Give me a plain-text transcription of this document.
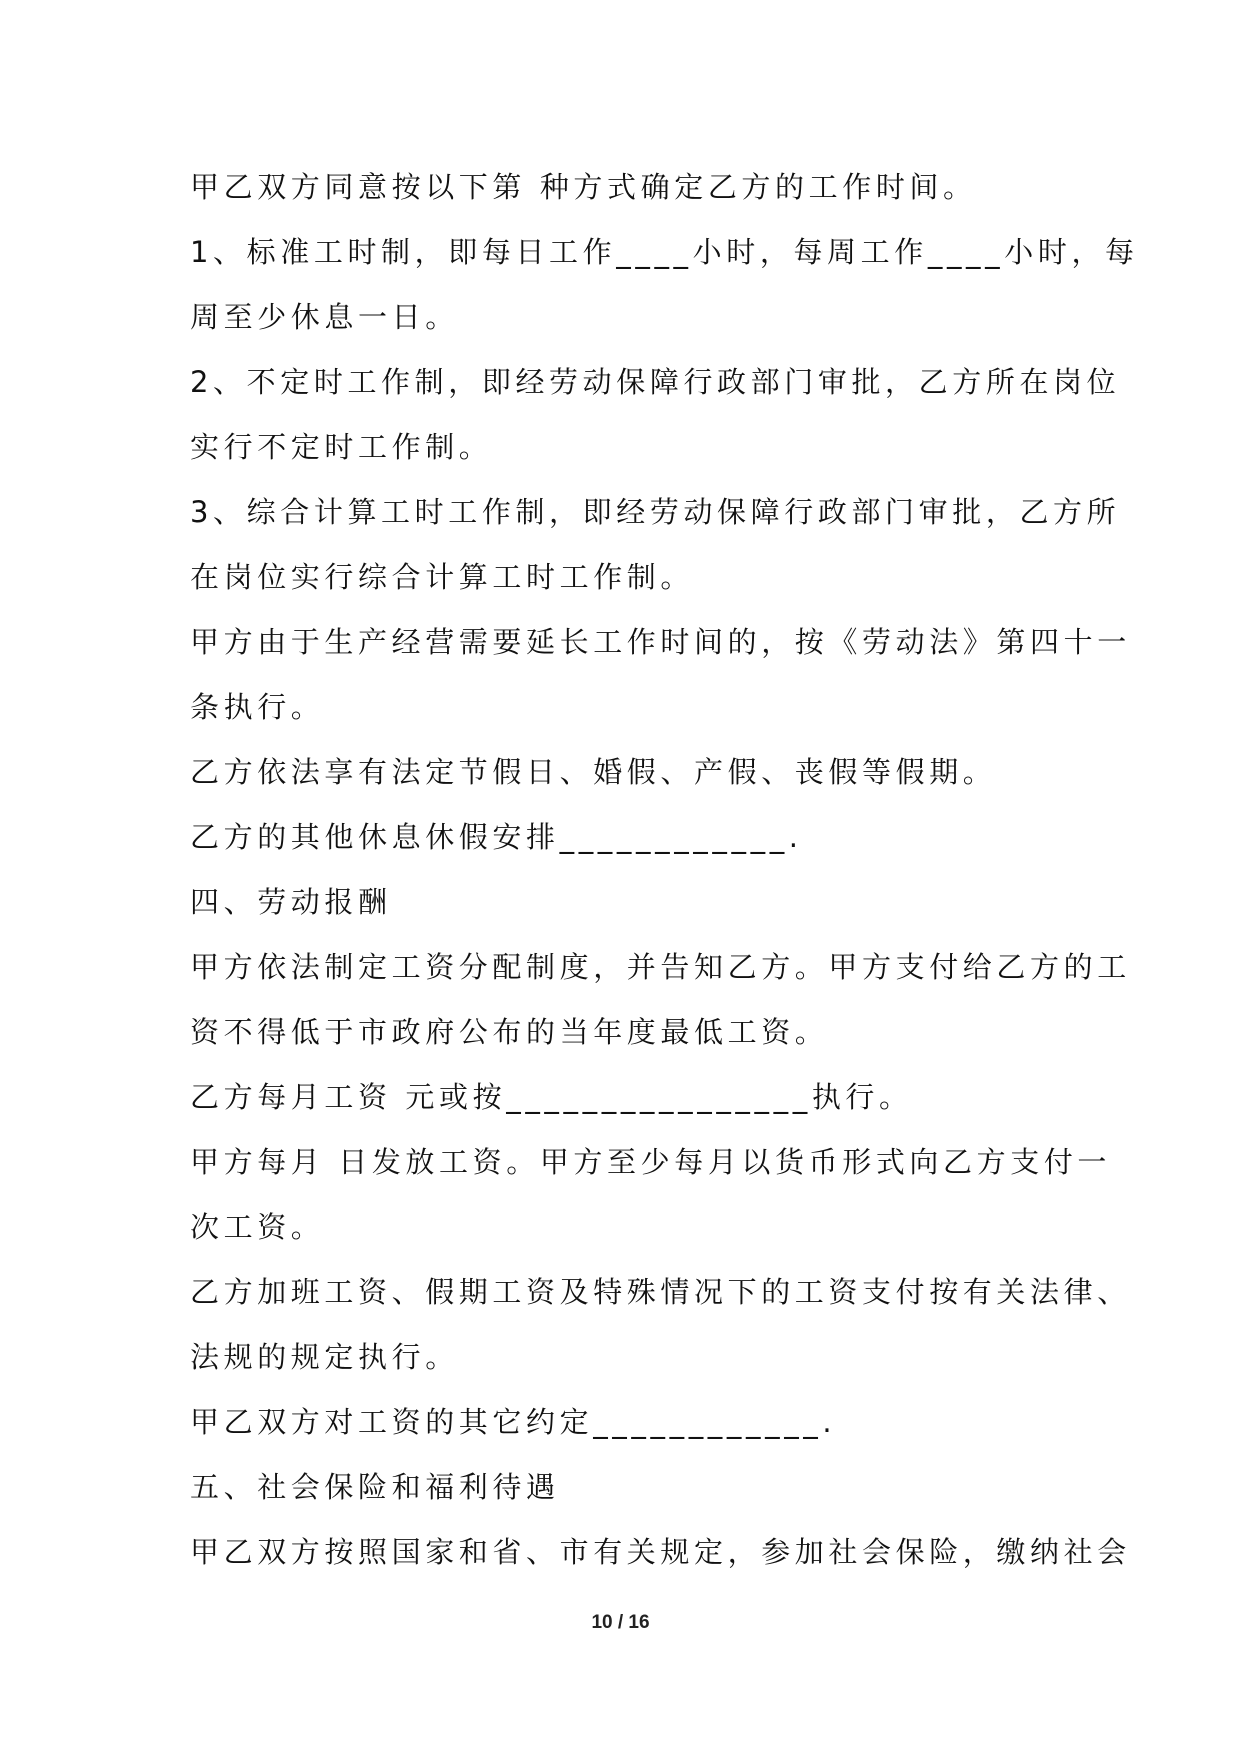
甲乙双方同意按以下第 种方式确定乙方的工作时间。

1、标准工时制，即每日工作____小时，每周工作____小时，每

周至少休息一日。

2、不定时工作制，即经劳动保障行政部门审批，乙方所在岗位

实行不定时工作制。

3、综合计算工时工作制，即经劳动保障行政部门审批，乙方所

在岗位实行综合计算工时工作制。

甲方由于生产经营需要延长工作时间的，按《劳动法》第四十一

条执行。

乙方依法享有法定节假日、婚假、产假、丧假等假期。

乙方的其他休息休假安排____________.

四、劳动报酬

甲方依法制定工资分配制度，并告知乙方。甲方支付给乙方的工

资不得低于市政府公布的当年度最低工资。

乙方每月工资 元或按________________执行。

甲方每月 日发放工资。甲方至少每月以货币形式向乙方支付一

次工资。

乙方加班工资、假期工资及特殊情况下的工资支付按有关法律、

法规的规定执行。

甲乙双方对工资的其它约定____________.

五、社会保险和福利待遇

甲乙双方按照国家和省、市有关规定，参加社会保险，缴纳社会

10 / 16
